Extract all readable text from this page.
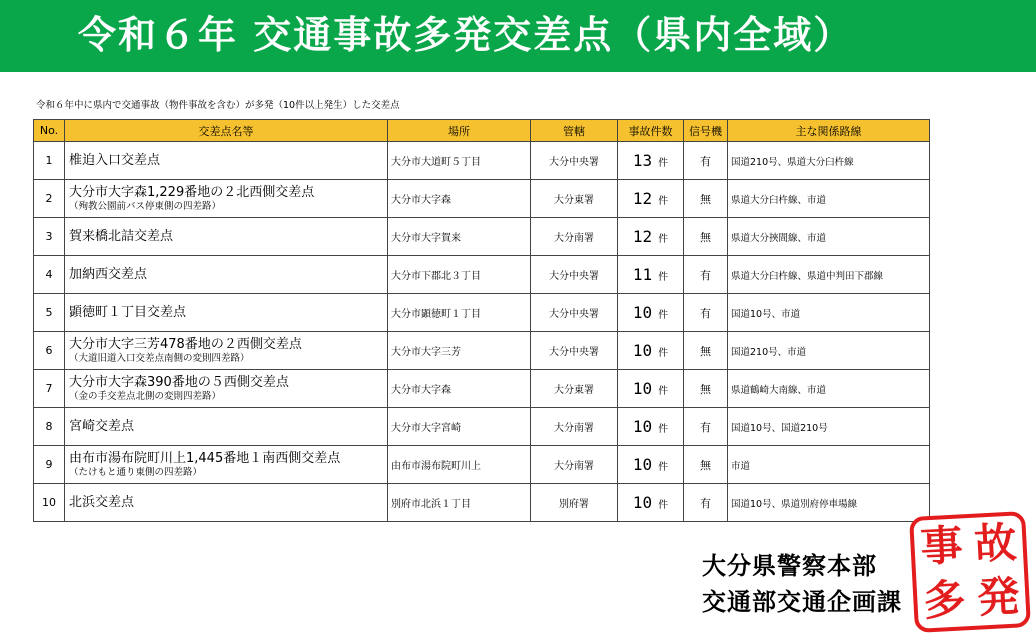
令和６年 交通事故多発交差点（県内全域）
令和６年中に県内で交通事故（物件事故を含む）が多発（10件以上発生）した交差点
No.	交差点名等	場所	管轄	事故件数	信号機	主な関係路線
1	椎迫入口交差点	大分市大道町５丁目	大分中央署	13 件	有	国道210号、県道大分臼杵線
2	大分市大字森1,229番地の２北西側交差点
（殉教公園前バス停東側の四差路）	大分市大字森	大分東署	12 件	無	県道大分臼杵線、市道
3	賀来橋北詰交差点	大分市大字賀来	大分南署	12 件	無	県道大分挾間線、市道
4	加納西交差点	大分市下郡北３丁目	大分中央署	11 件	有	県道大分臼杵線、県道中判田下郡線
5	顕徳町１丁目交差点	大分市顕徳町１丁目	大分中央署	10 件	有	国道10号、市道
6	大分市大字三芳478番地の２西側交差点
（大道旧道入口交差点南側の変則四差路）	大分市大字三芳	大分中央署	10 件	無	国道210号、市道
7	大分市大字森390番地の５西側交差点
（金の手交差点北側の変則四差路）	大分市大字森	大分東署	10 件	無	県道鶴崎大南線、市道
8	宮崎交差点	大分市大字宮崎	大分南署	10 件	有	国道10号、国道210号
9	由布市湯布院町川上1,445番地１南西側交差点
（たけもと通り東側の四差路）	由布市湯布院町川上	大分南署	10 件	無	市道
10	北浜交差点	別府市北浜１丁目	別府署	10 件	有	国道10号、県道別府停車場線
大分県警察本部
交通部交通企画課
事 故
多 発
